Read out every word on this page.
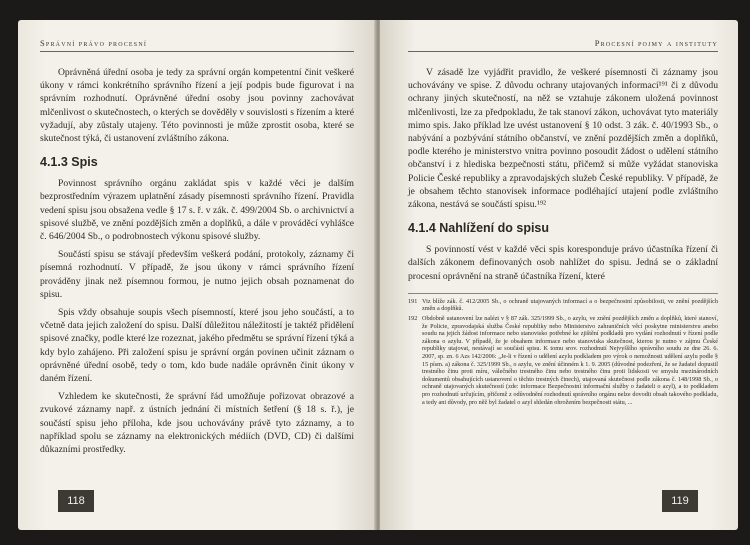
Správní právo procesní

Oprávněná úřední osoba je tedy za správní orgán kompetentní činit veškeré úkony v rámci konkrétního správního řízení a její podpis bude figurovat i na správním rozhodnutí. Oprávněné úřední osoby jsou povinny zachovávat mlčenlivost o skutečnostech, o kterých se dověděly v souvislosti s řízením a které vyžadují, aby zůstaly utajeny. Této povinnosti je může zprostit osoba, které se skutečnost týká, či ustanovení zvláštního zákona.

4.1.3 Spis

Povinnost správního orgánu zakládat spis v každé věci je dalším bezprostředním výrazem uplatnění zásady písemnosti správního řízení. Pravidla vedení spisu jsou obsažena vedle § 17 s. ř. v zák. č. 499/2004 Sb. o archivnictví a spisové službě, ve znění pozdějších změn a doplňků, a dále v prováděcí vyhlášce č. 646/2004 Sb., o podrobnostech výkonu spisové služby.

Součástí spisu se stávají především veškerá podání, protokoly, záznamy či písemná rozhodnutí. V případě, že jsou úkony v rámci správního řízení prováděny jinak než písemnou formou, je nutno jejich obsah poznamenat do spisu.

Spis vždy obsahuje soupis všech písemností, které jsou jeho součástí, a to včetně data jejich založení do spisu. Další důležitou náležitostí je taktéž přidělení spisové značky, podle které lze rozeznat, jakého předmětu se správní řízení týká a kdy bylo zahájeno. Při založení spisu je správní orgán povinen učinit záznam o oprávněné úřední osobě, tedy o tom, kdo bude nadále oprávněn činit úkony v daném řízení.

Vzhledem ke skutečnosti, že správní řád umožňuje pořizovat obrazové a zvukové záznamy např. z ústních jednání či místních šetření (§ 18 s. ř.), je součástí spisu jeho příloha, kde jsou uchovávány právě tyto záznamy, a to například spolu se záznamy na elektronických médiích (DVD, CD) či dalšími důkazními prostředky.

118
Procesní pojmy a instituty

V zásadě lze vyjádřit pravidlo, že veškeré písemnosti či záznamy jsou uchovávány ve spise. Z důvodu ochrany utajovaných informací¹⁹¹ či z důvodu ochrany jiných skutečností, na něž se vztahuje zákonem uložená povinnost mlčenlivosti, lze za předpokladu, že tak stanoví zákon, uchovávat tyto materiály mimo spis. Jako příklad lze uvést ustanovení § 10 odst. 3 zák. č. 40/1993 Sb., o nabývání a pozbývání státního občanství, ve znění pozdějších změn a doplňků, podle kterého je ministerstvo vnitra povinno posoudit žádost o udělení státního občanství i z hlediska bezpečnosti státu, přičemž si může vyžádat stanoviska Policie České republiky a zpravodajských služeb České republiky. V případě, že je obsahem těchto stanovisek informace podléhající utajení podle zvláštního zákona, nestává se součástí spisu.¹⁹²

4.1.4 Nahlížení do spisu

S povinností vést v každé věci spis koresponduje právo účastníka řízení či dalších zákonem definovaných osob nahlížet do spisu. Jedná se o základní procesní oprávnění na straně účastníka řízení, které

191 Viz blíže zák. č. 412/2005 Sb., o ochraně utajovaných informací a o bezpečnostní způsobilosti, ve znění pozdějších změn a doplňků.
192 Obdobně ustanovení lze nalézt v § 87 zák. 325/1999 Sb., o azylu, ve znění pozdějších změn a doplňků, které stanoví, že Policie, zpravodajská služba České republiky nebo Ministerstvo zahraničních věcí poskytne ministerstvu anebo soudu na jejich žádost informace nebo stanovisko potřebné ke zjištění podkladů pro vydání rozhodnutí v řízení podle zákona o azylu. V případě, že je obsahem informace nebo stanoviska skutečnost, kterou je nutno v zájmu České republiky utajovat, nestávají se součástí spisu. K tomu srov. rozhodnutí Nejvyššího správního soudu ze dne 26. 6. 2007, sp. zn. 6 Azs 142/2006: „Je-li v řízení o udělení azylu podkladem pro výrok o nemožnosti udělení azylu podle § 15 písm. a) zákona č. 325/1999 Sb., o azylu, ve znění účinném k 1. 9. 2005 (důvodné podezření, že se žadatel dopustil trestného činu proti míru, válečného trestného činu nebo trestného činu proti lidskosti ve smyslu mezinárodních dokumentů obsahujících ustanovení o těchto trestných činech), utajovaná skutečnost podle zákona č. 148/1998 Sb., o ochraně utajovaných skutečností (zde: informace Bezpečnostní informační služby o žadateli o azyl), a to podkladem pro rozhodnutí určujícím, přičemž z odůvodnění rozhodnutí správního orgánu nelze dovodit obsah takového podkladu, a tedy ani důvody, pro něž byl žadatel o azyl shledán ohrožením bezpečnosti státu, ...
119
